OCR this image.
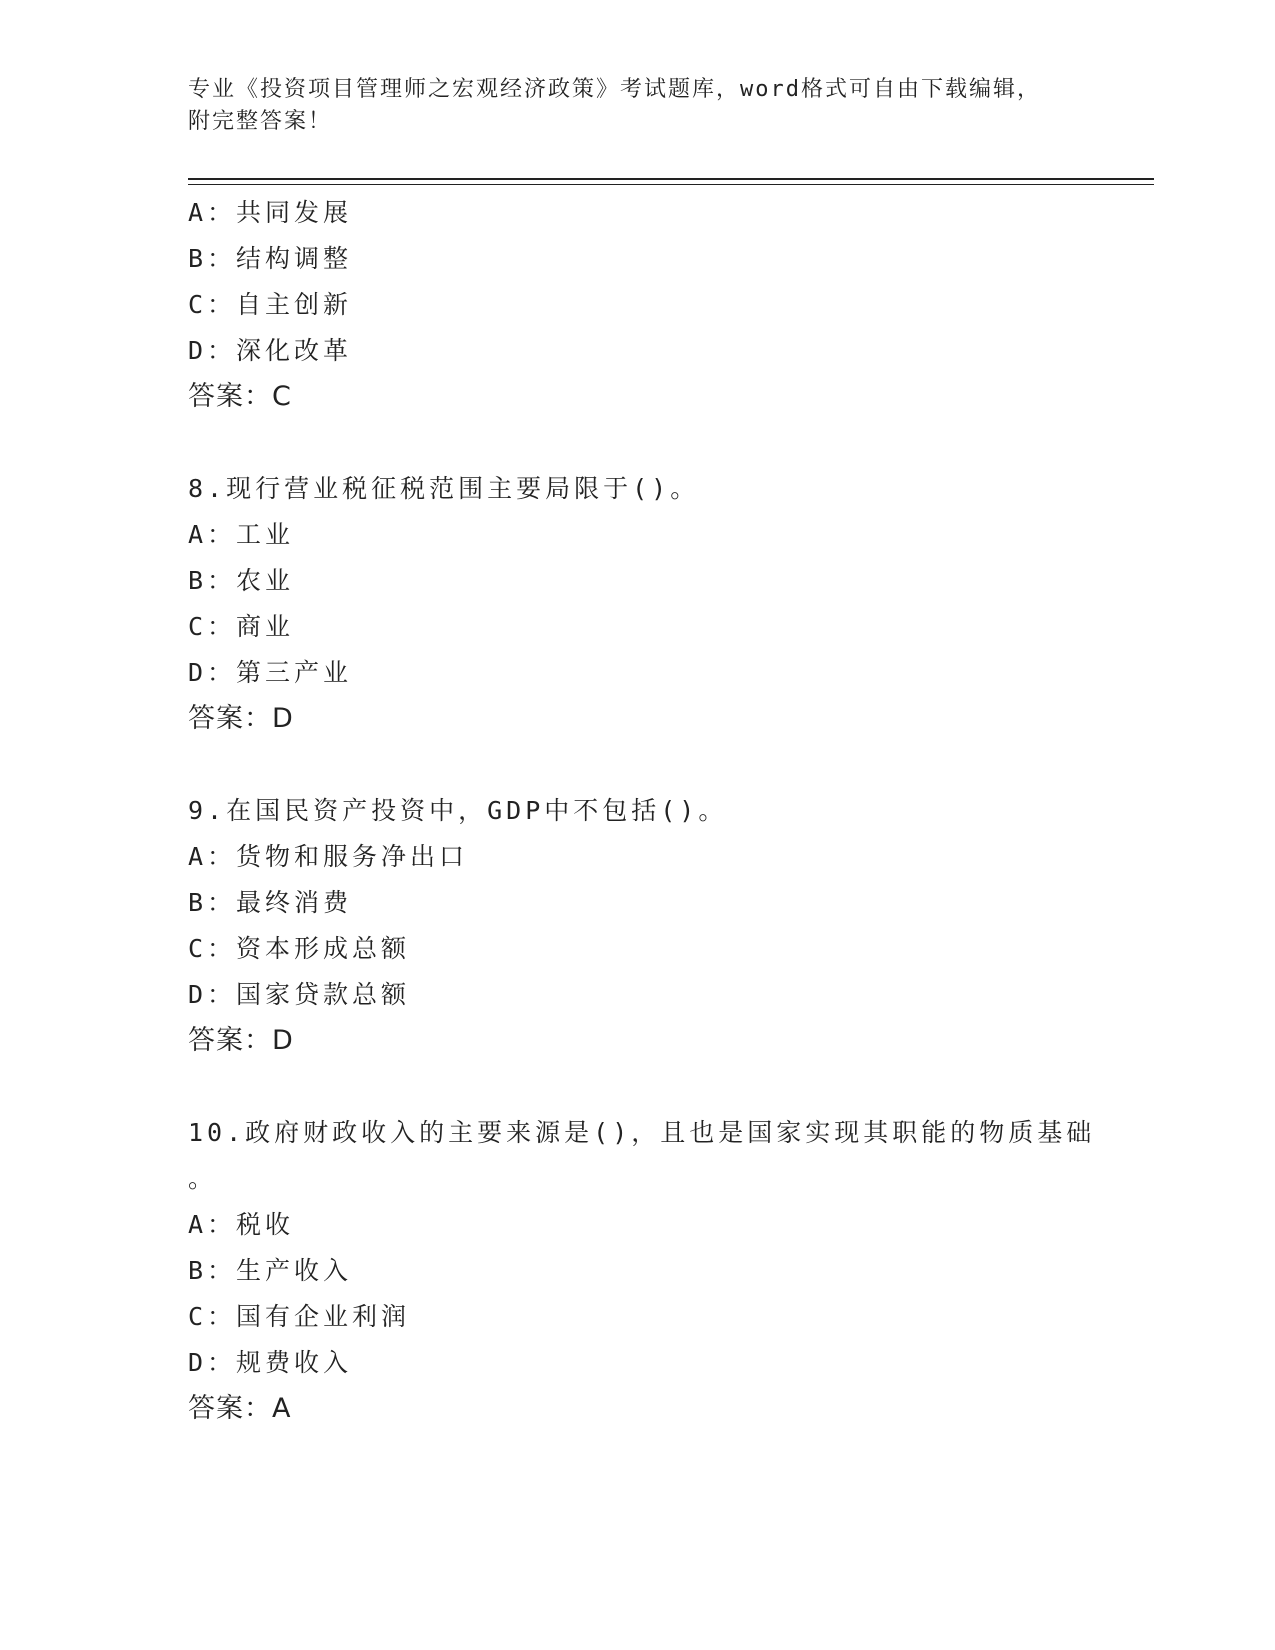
专业《投资项目管理师之宏观经济政策》考试题库，word格式可自由下载编辑，
附完整答案！
A：共同发展
B：结构调整
C：自主创新
D：深化改革
答案：C
8.现行营业税征税范围主要局限于()。
A：工业
B：农业
C：商业
D：第三产业
答案：D
9.在国民资产投资中，GDP中不包括()。
A：货物和服务净出口
B：最终消费
C：资本形成总额
D：国家贷款总额
答案：D
10.政府财政收入的主要来源是()，且也是国家实现其职能的物质基础
。
A：税收
B：生产收入
C：国有企业利润
D：规费收入
答案：A
